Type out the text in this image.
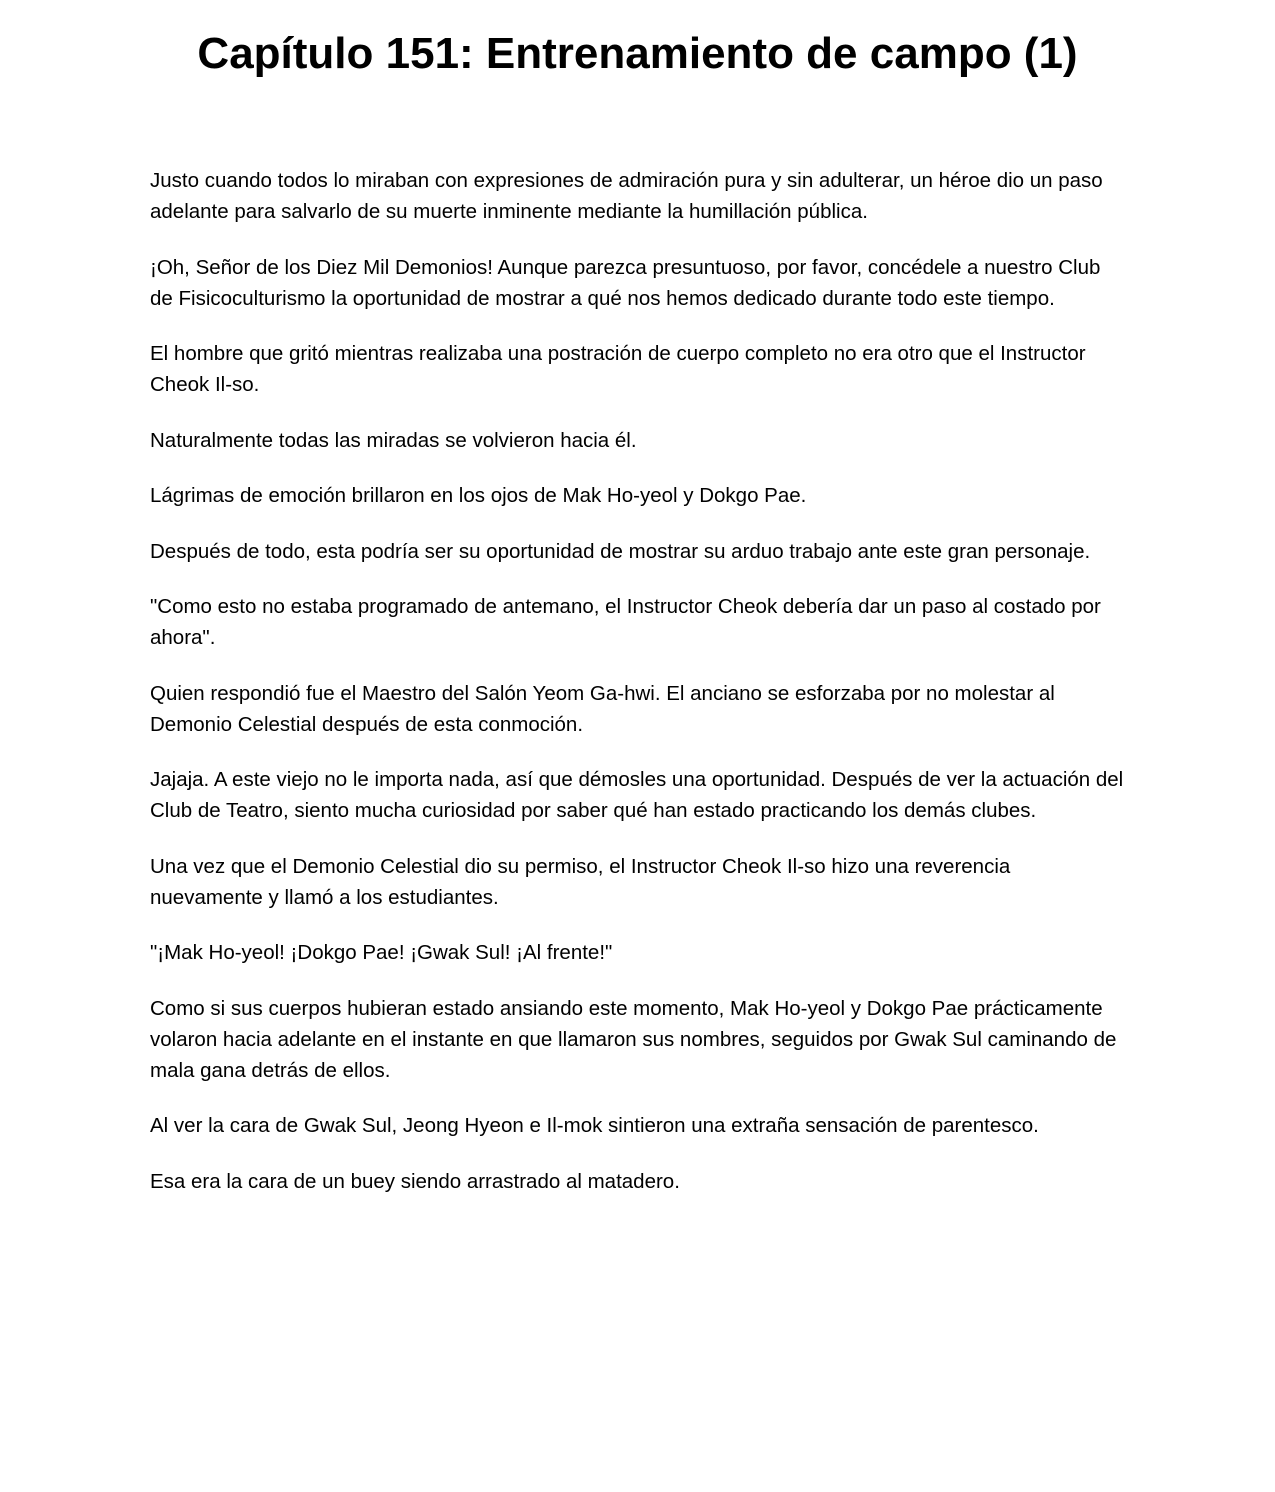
Capítulo 151: Entrenamiento de campo (1)

Justo cuando todos lo miraban con expresiones de admiración pura y sin adulterar, un héroe dio un paso adelante para salvarlo de su muerte inminente mediante la humillación pública.

¡Oh, Señor de los Diez Mil Demonios! Aunque parezca presuntuoso, por favor, concédele a nuestro Club de Fisicoculturismo la oportunidad de mostrar a qué nos hemos dedicado durante todo este tiempo.

El hombre que gritó mientras realizaba una postración de cuerpo completo no era otro que el Instructor Cheok Il-so.

Naturalmente todas las miradas se volvieron hacia él.

Lágrimas de emoción brillaron en los ojos de Mak Ho-yeol y Dokgo Pae.

Después de todo, esta podría ser su oportunidad de mostrar su arduo trabajo ante este gran personaje.

"Como esto no estaba programado de antemano, el Instructor Cheok debería dar un paso al costado por ahora".

Quien respondió fue el Maestro del Salón Yeom Ga-hwi. El anciano se esforzaba por no molestar al Demonio Celestial después de esta conmoción.

Jajaja. A este viejo no le importa nada, así que démosles una oportunidad. Después de ver la actuación del Club de Teatro, siento mucha curiosidad por saber qué han estado practicando los demás clubes.

Una vez que el Demonio Celestial dio su permiso, el Instructor Cheok Il-so hizo una reverencia nuevamente y llamó a los estudiantes.

"¡Mak Ho-yeol! ¡Dokgo Pae! ¡Gwak Sul! ¡Al frente!"

Como si sus cuerpos hubieran estado ansiando este momento, Mak Ho-yeol y Dokgo Pae prácticamente volaron hacia adelante en el instante en que llamaron sus nombres, seguidos por Gwak Sul caminando de mala gana detrás de ellos.

Al ver la cara de Gwak Sul, Jeong Hyeon e Il-mok sintieron una extraña sensación de parentesco.

Esa era la cara de un buey siendo arrastrado al matadero.
